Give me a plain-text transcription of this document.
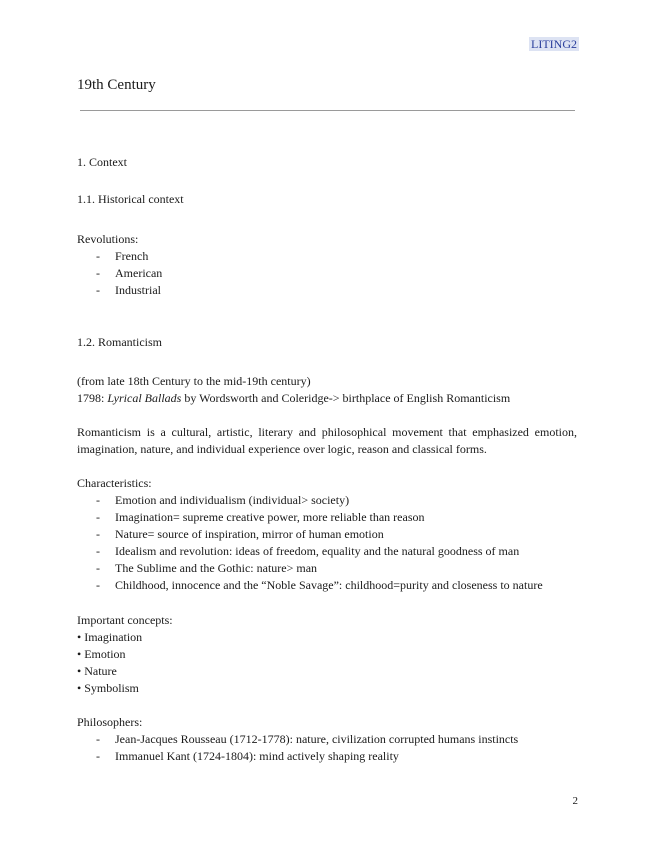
LITING2
19th Century
1. Context
1.1. Historical context
Revolutions:
- French
- American
- Industrial
1.2. Romanticism
(from late 18th Century to the mid-19th century)
1798: Lyrical Ballads by Wordsworth and Coleridge-> birthplace of English Romanticism
Romanticism is a cultural, artistic, literary and philosophical movement that emphasized emotion, imagination, nature, and individual experience over logic, reason and classical forms.
Characteristics:
- Emotion and individualism (individual> society)
- Imagination= supreme creative power, more reliable than reason
- Nature= source of inspiration, mirror of human emotion
- Idealism and revolution: ideas of freedom, equality and the natural goodness of man
- The Sublime and the Gothic: nature> man
- Childhood, innocence and the “Noble Savage”: childhood=purity and closeness to nature
Important concepts:
• Imagination
• Emotion
• Nature
• Symbolism
Philosophers:
- Jean-Jacques Rousseau (1712-1778): nature, civilization corrupted humans instincts
- Immanuel Kant (1724-1804): mind actively shaping reality
2
